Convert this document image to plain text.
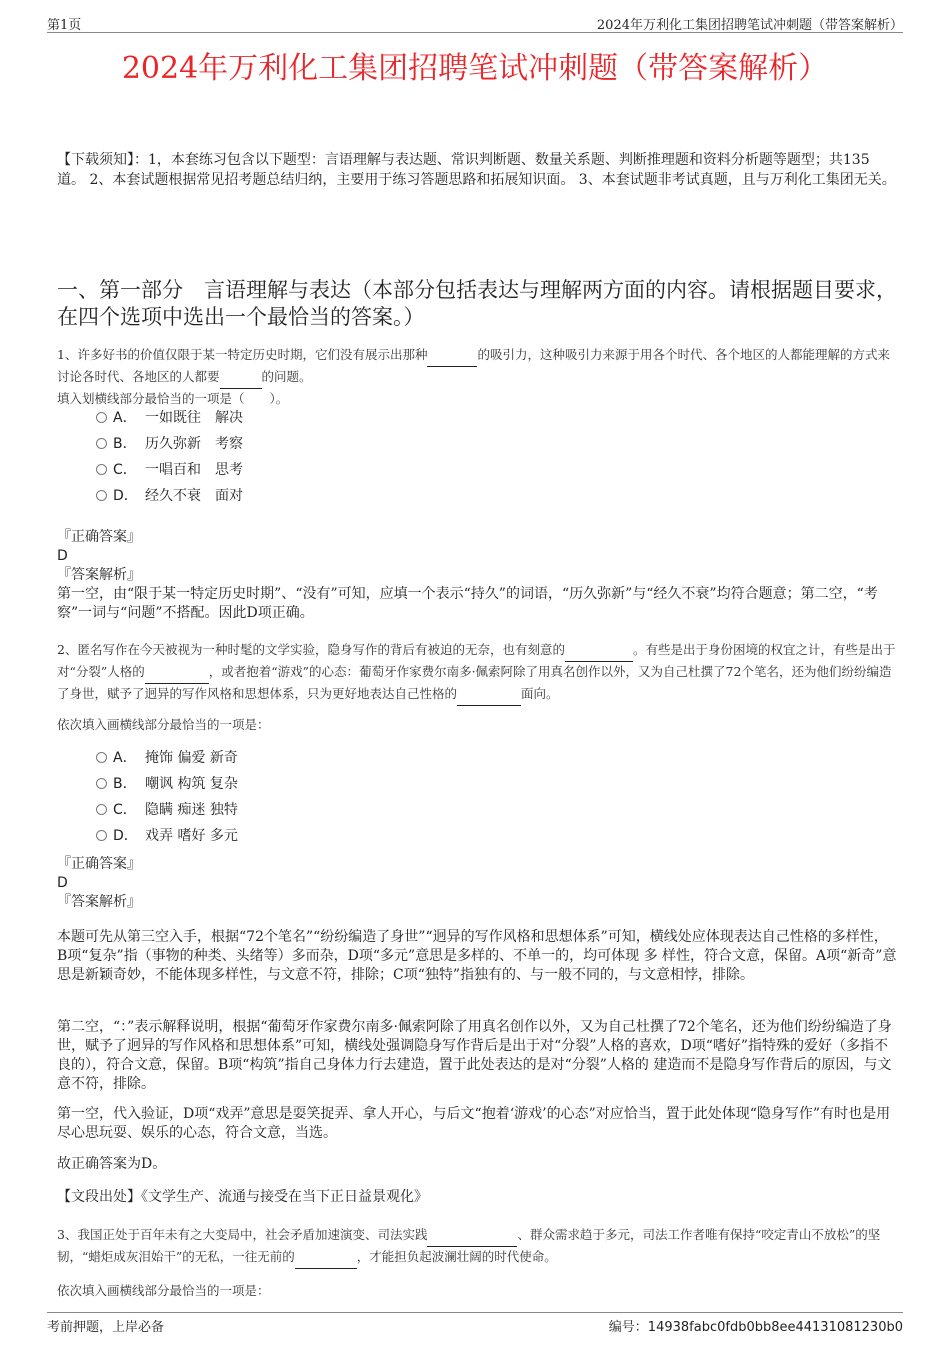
第1页	2024年万利化工集团招聘笔试冲刺题（带答案解析）
2024年万利化工集团招聘笔试冲刺题（带答案解析）
【下载须知】：1，本套练习包含以下题型：言语理解与表达题、常识判断题、数量关系题、判断推理题和资料分析题等题型；共135道。 2、本套试题根据常见招考题总结归纳，主要用于练习答题思路和拓展知识面。 3、本套试题非考试真题，且与万利化工集团无关。
一、第一部分　言语理解与表达（本部分包括表达与理解两方面的内容。请根据题目要求，在四个选项中选出一个最恰当的答案。）
1、许多好书的价值仅限于某一特定历史时期，它们没有展示出那种	的吸引力，这种吸引力来源于用各个时代、各个地区的人都能理解的方式来讨论各时代、各地区的人都要	的问题。
填入划横线部分最恰当的一项是（　　）。
A． 一如既往　解决
B． 历久弥新　考察
C． 一唱百和　思考
D． 经久不衰　面对
『正确答案』
D
『答案解析』
第一空，由“限于某一特定历史时期”、“没有”可知，应填一个表示“持久”的词语，“历久弥新”与“经久不衰”均符合题意；第二空，“考察”一词与“问题”不搭配。因此D项正确。
2、匿名写作在今天被视为一种时髦的文学实验，隐身写作的背后有被迫的无奈，也有刻意的	。有些是出于身份困境的权宜之计，有些是出于对“分裂”人格的	，或者抱着“游戏”的心态：葡萄牙作家费尔南多·佩索阿除了用真名创作以外，又为自己杜撰了72个笔名，还为他们纷纷编造了身世，赋予了迥异的写作风格和思想体系，只为更好地表达自己性格的	面向。
依次填入画横线部分最恰当的一项是：
A． 掩饰 偏爱 新奇
B． 嘲讽 构筑 复杂
C． 隐瞒 痴迷 独特
D． 戏弄 嗜好 多元
『正确答案』
D
『答案解析』
本题可先从第三空入手，根据“72个笔名”“纷纷编造了身世”“迥异的写作风格和思想体系”可知，横线处应体现表达自己性格的多样性，B项“复杂”指（事物的种类、头绪等）多而杂，D项“多元”意思是多样的、不单一的，均可体现 多 样性，符合文意，保留。A项“新奇”意思是新颖奇妙，不能体现多样性，与文意不符，排除；C项“独特”指独有的、与一般不同的，与文意相悖，排除。
第二空，“：”表示解释说明，根据“葡萄牙作家费尔南多·佩索阿除了用真名创作以外，又为自己杜撰了72个笔名，还为他们纷纷编造了身世，赋予了迥异的写作风格和思想体系”可知，横线处强调隐身写作背后是出于对“分裂”人格的喜欢，D项“嗜好”指特殊的爱好（多指不良的），符合文意，保留。B项“构筑”指自己身体力行去建造，置于此处表达的是对“分裂”人格的 建造而不是隐身写作背后的原因，与文意不符，排除。
第一空，代入验证，D项“戏弄”意思是耍笑捉弄、拿人开心，与后文“抱着‘游戏’的心态”对应恰当，置于此处体现“隐身写作”有时也是用尽心思玩耍、娱乐的心态，符合文意，当选。
故正确答案为D。
【文段出处】《文学生产、流通与接受在当下正日益景观化》
3、我国正处于百年未有之大变局中，社会矛盾加速演变、司法实践	、群众需求趋于多元，司法工作者唯有保持“咬定青山不放松”的坚韧，“蜡炬成灰泪始干”的无私，一往无前的	，才能担负起波澜壮阔的时代使命。
依次填入画横线部分最恰当的一项是：
考前押题，上岸必备	编号：14938fabc0fdb0bb8ee44131081230b0
